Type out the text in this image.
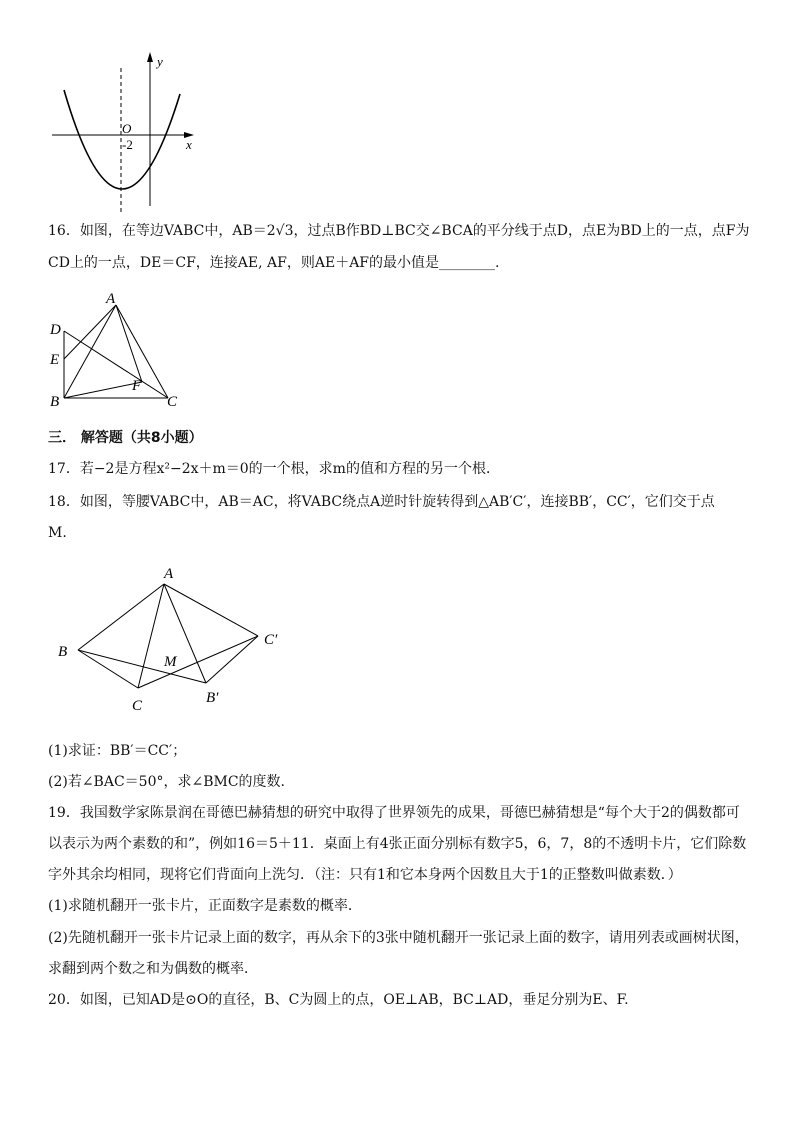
y
x
O
-2
16．如图，在等边VABC中，AB＝2√3，过点B作BD⊥BC交∠BCA的平分线于点D，点E为BD上的一点，点F为
CD上的一点，DE＝CF，连接AE, AF，则AE＋AF的最小值是________.
A
D
E
F
B	C
三． 解答题（共8小题）
17．若−2是方程x²−2x＋m＝0的一个根，求m的值和方程的另一个根．
18．如图，等腰VABC中，AB＝AC，将VABC绕点A逆时针旋转得到△AB′C′，连接BB′，CC′，它们交于点
M.
A
B
C
M
B′
C′
(1)求证：BB′＝CC′；
(2)若∠BAC＝50°，求∠BMC的度数.
19．我国数学家陈景润在哥德巴赫猜想的研究中取得了世界领先的成果，哥德巴赫猜想是“每个大于2的偶数都可
以表示为两个素数的和”，例如16＝5＋11．桌面上有4张正面分别标有数字5，6，7，8的不透明卡片，它们除数
字外其余均相同，现将它们背面向上洗匀．（注：只有1和它本身两个因数且大于1的正整数叫做素数．）
(1)求随机翻开一张卡片，正面数字是素数的概率．
(2)先随机翻开一张卡片记录上面的数字，再从余下的3张中随机翻开一张记录上面的数字，请用列表或画树状图，
求翻到两个数之和为偶数的概率．
20．如图，已知AD是⊙O的直径，B、C为圆上的点，OE⊥AB，BC⊥AD，垂足分别为E、F.
